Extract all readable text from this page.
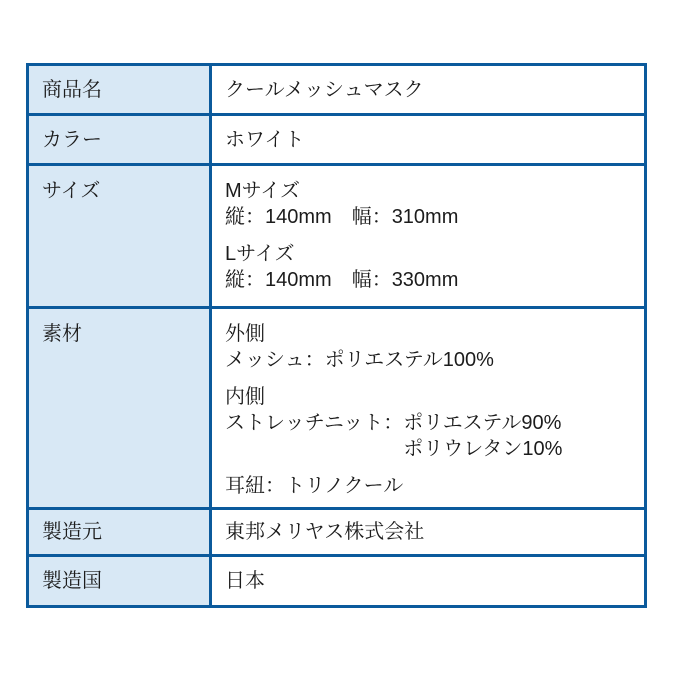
商品名	クールメッシュマスク
カラー	ホワイト
サイズ	Mサイズ
縦：140mm　幅：310mm
Lサイズ
縦：140mm　幅：330mm

素材	外側
メッシュ：ポリエステル100%
内側
ストレッチニット： ポリエステル90%
ポリウレタン10%
耳紐：トリノクール

製造元	東邦メリヤス株式会社
製造国	日本
